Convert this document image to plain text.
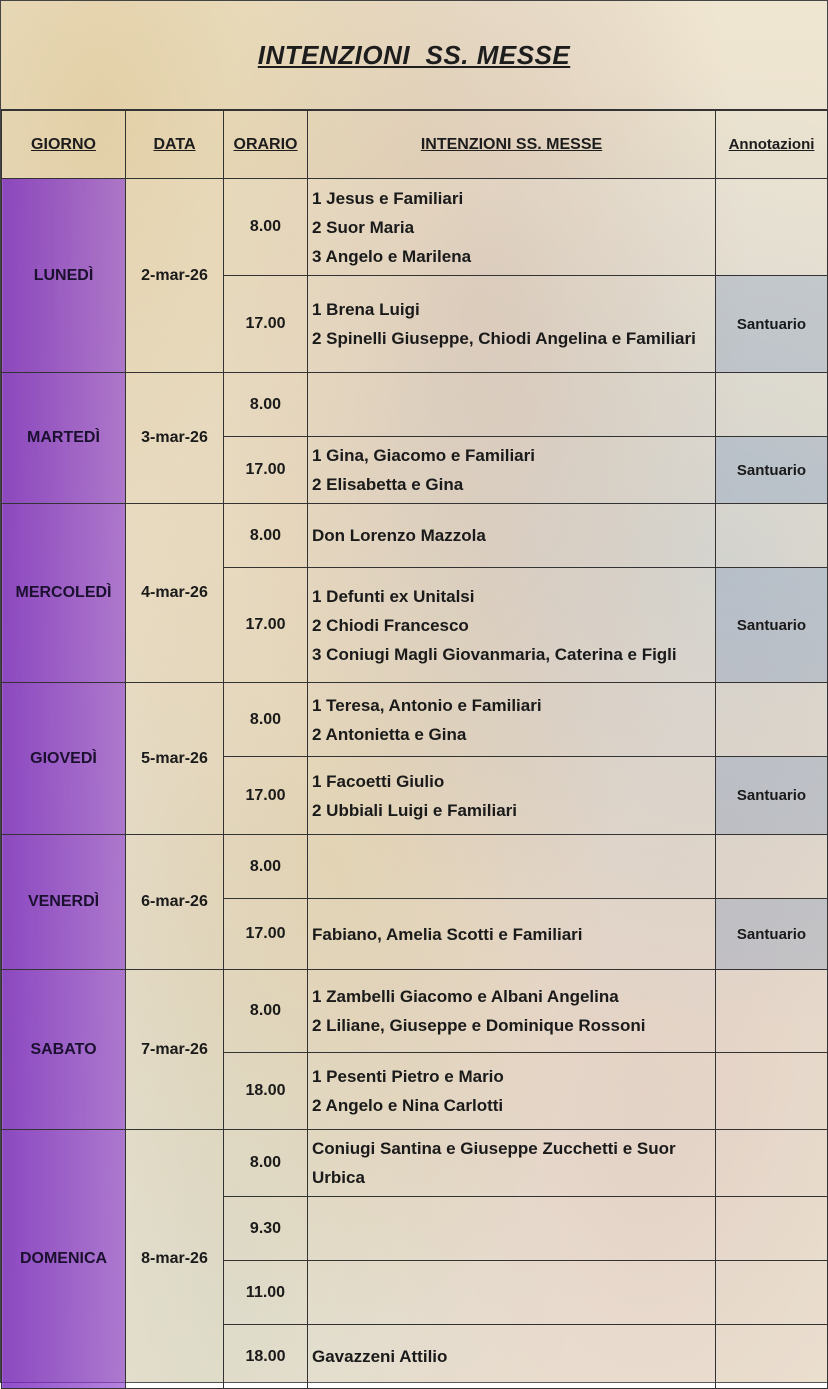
INTENZIONI  SS. MESSE
GIORNO	DATA	ORARIO	INTENZIONI SS. MESSE	Annotazioni
LUNEDÌ	2-mar-26	8.00	1 Jesus e Familiari
2 Suor Maria
3 Angelo e Marilena	

		17.00	1 Brena Luigi
2 Spinelli Giuseppe, Chiodi Angelina e Familiari	Santuario
MARTEDÌ	3-mar-26	8.00		
		17.00	1 Gina, Giacomo e Familiari
2 Elisabetta e Gina	Santuario
MERCOLEDÌ	4-mar-26	8.00	Don Lorenzo Mazzola	

		17.00	1 Defunti ex Unitalsi
2 Chiodi Francesco
3 Coniugi Magli Giovanmaria, Caterina e Figli	Santuario
GIOVEDÌ	5-mar-26	8.00	1 Teresa, Antonio e Familiari
2 Antonietta e Gina	

		17.00	1 Facoetti Giulio
2 Ubbiali Luigi e Familiari	Santuario
VENERDÌ	6-mar-26	8.00		
		17.00	Fabiano, Amelia Scotti e Familiari	Santuario
SABATO	7-mar-26	8.00	1 Zambelli Giacomo e Albani Angelina
2 Liliane, Giuseppe e Dominique Rossoni	

		18.00	1 Pesenti Pietro e Mario
2 Angelo e Nina Carlotti	

DOMENICA	8-mar-26	8.00	Coniugi Santina e Giuseppe Zucchetti e Suor Urbica	

		9.30		
		11.00		
		18.00	Gavazzeni Attilio	
